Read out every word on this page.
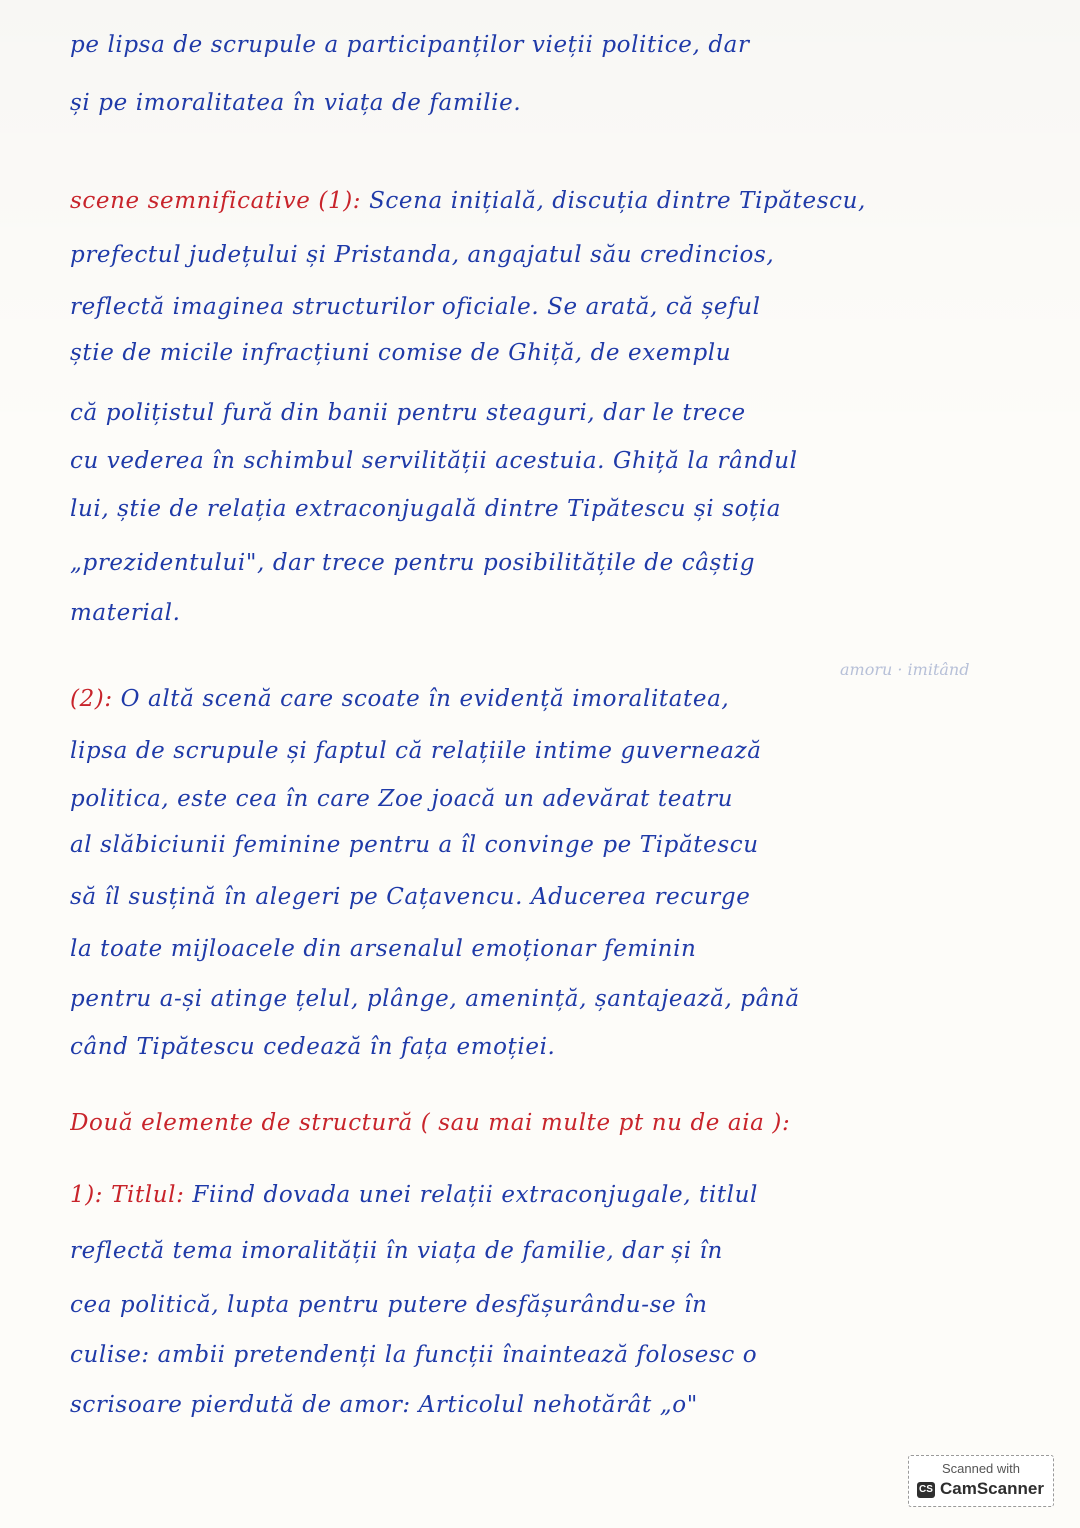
pe lipsa de scrupule a participanților vieții politice, dar
și pe imoralitatea în viața de familie.
scene semnificative (1): Scena inițială, discuția dintre Tipătescu,
prefectul județului și Pristanda, angajatul său credincios,
reflectă imaginea structurilor oficiale. Se arată, că șeful
știe de micile infracțiuni comise de Ghiță, de exemplu
că polițistul fură din banii pentru steaguri, dar le trece
cu vederea în schimbul servilității acestuia. Ghiță la rândul
lui, știe de relația extraconjugală dintre Tipătescu și soția
„prezidentului", dar trece pentru posibilitățile de câștig
material.
amoru · imitând
(2): O altă scenă care scoate în evidență imoralitatea,
lipsa de scrupule și faptul că relațiile intime guvernează
politica, este cea în care Zoe joacă un adevărat teatru
al slăbiciunii feminine pentru a îl convinge pe Tipătescu
să îl susțină în alegeri pe Cațavencu. Aducerea recurge
la toate mijloacele din arsenalul emoționar feminin
pentru a-și atinge țelul, plânge, amenință, șantajează, până
când Tipătescu cedează în fața emoției.
Două elemente de structură ( sau mai multe pt nu de aia ):
1): Titlul: Fiind dovada unei relații extraconjugale, titlul
reflectă tema imoralității în viața de familie, dar și în
cea politică, lupta pentru putere desfășurându-se în
culise: ambii pretendenți la funcții înaintează folosesc o
scrisoare pierdută de amor: Articolul nehotărât „o"
Scanned with
CS CamScanner
